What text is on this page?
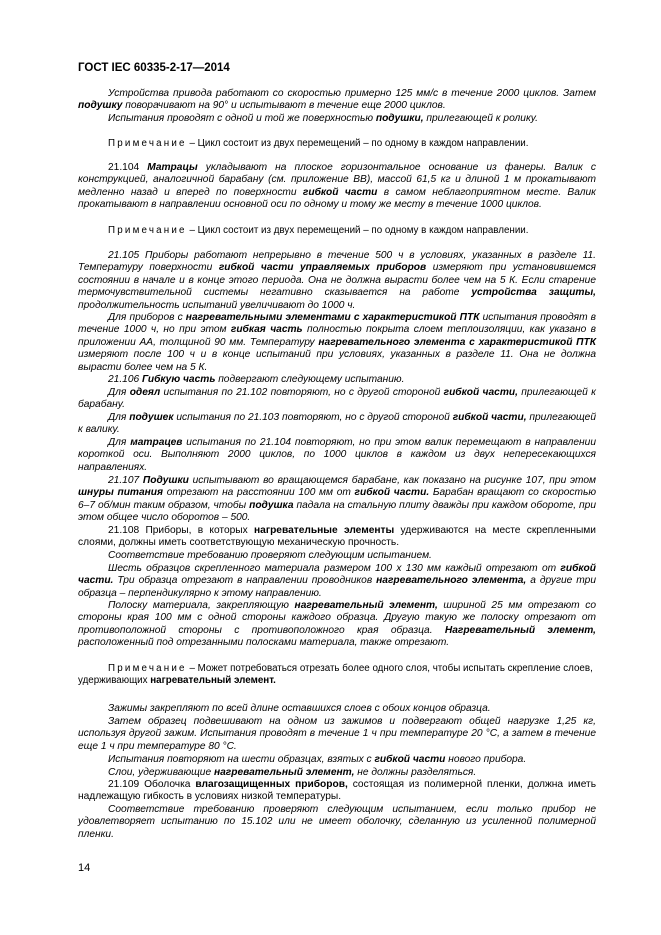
ГОСТ IEC 60335-2-17—2014

Устройства привода работают со скоростью примерно 125 мм/с в течение 2000 циклов. Затем подушку поворачивают на 90° и испытывают в течение еще 2000 циклов.

Испытания проводят с одной и той же поверхностью подушки, прилегающей к ролику.

Примечание – Цикл состоит из двух перемещений – по одному в каждом направлении.

21.104 Матрацы укладывают на плоское горизонтальное основание из фанеры. Валик с конструкцией, аналогичной барабану (см. приложение ВВ), массой 61,5 кг и длиной 1 м прокатывают медленно назад и вперед по поверхности гибкой части в самом неблагоприятном месте. Валик прокатывают в направлении основной оси по одному и тому же месту в течение 1000 циклов.

Примечание – Цикл состоит из двух перемещений – по одному в каждом направлении.

21.105 Приборы работают непрерывно в течение 500 ч в условиях, указанных в разделе 11. Температуру поверхности гибкой части управляемых приборов измеряют при установившемся состоянии в начале и в конце этого периода. Она не должна вырасти более чем на 5 К. Если старение термочувствительной системы негативно сказывается на работе устройства защиты, продолжительность испытаний увеличивают до 1000 ч.

Для приборов с нагревательными элементами с характеристикой ПТК испытания проводят в течение 1000 ч, но при этом гибкая часть полностью покрыта слоем теплоизоляции, как указано в приложении АА, толщиной 90 мм. Температуру нагревательного элемента с характеристикой ПТК измеряют после 100 ч и в конце испытаний при условиях, указанных в разделе 11. Она не должна вырасти более чем на 5 К.

21.106 Гибкую часть подвергают следующему испытанию.

Для одеял испытания по 21.102 повторяют, но с другой стороной гибкой части, прилегающей к барабану.

Для подушек испытания по 21.103 повторяют, но с другой стороной гибкой части, прилегающей к валику.

Для матрацев испытания по 21.104 повторяют, но при этом валик перемещают в направлении короткой оси. Выполняют 2000 циклов, по 1000 циклов в каждом из двух непересекающихся направлениях.

21.107 Подушки испытывают во вращающемся барабане, как показано на рисунке 107, при этом шнуры питания отрезают на расстоянии 100 мм от гибкой части. Барабан вращают со скоростью 6–7 об/мин таким образом, чтобы подушка падала на стальную плиту дважды при каждом обороте, при этом общее число оборотов – 500.

21.108 Приборы, в которых нагревательные элементы удерживаются на месте скрепленными слоями, должны иметь соответствующую механическую прочность.

Соответствие требованию проверяют следующим испытанием.

Шесть образцов скрепленного материала размером 100 х 130 мм каждый отрезают от гибкой части. Три образца отрезают в направлении проводников нагревательного элемента, а другие три образца – перпендикулярно к этому направлению.

Полоску материала, закрепляющую нагревательный элемент, шириной 25 мм отрезают со стороны края 100 мм с одной стороны каждого образца. Другую такую же полоску отрезают от противоположной стороны с противоположного края образца. Нагревательный элемент, расположенный под отрезанными полосками материала, также отрезают.

Примечание – Может потребоваться отрезать более одного слоя, чтобы испытать скрепление слоев, удерживающих нагревательный элемент.

Зажимы закрепляют по всей длине оставшихся слоев с обоих концов образца.

Затем образец подвешивают на одном из зажимов и подвергают общей нагрузке 1,25 кг, используя другой зажим. Испытания проводят в течение 1 ч при температуре 20 °С, а затем в течение еще 1 ч при температуре 80 °С.

Испытания повторяют на шести образцах, взятых с гибкой части нового прибора.

Слои, удерживающие нагревательный элемент, не должны разделяться.

21.109 Оболочка влагозащищенных приборов, состоящая из полимерной пленки, должна иметь надлежащую гибкость в условиях низкой температуры.

Соответствие требованию проверяют следующим испытанием, если только прибор не удовлетворяет испытанию по 15.102 или не имеет оболочку, сделанную из усиленной полимерной пленки.

14
